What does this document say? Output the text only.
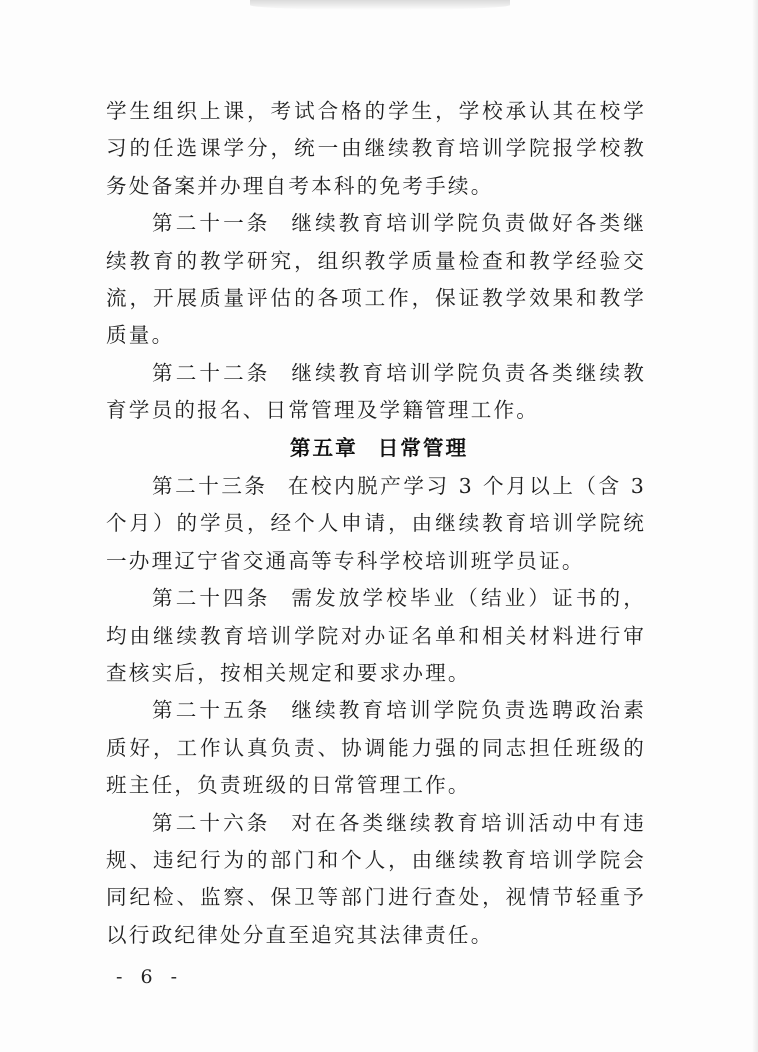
学生组织上课，考试合格的学生，学校承认其在校学习的任选课学分，统一由继续教育培训学院报学校教务处备案并办理自考本科的免考手续。

第二十一条 继续教育培训学院负责做好各类继续教育的教学研究，组织教学质量检查和教学经验交流，开展质量评估的各项工作，保证教学效果和教学质量。

第二十二条 继续教育培训学院负责各类继续教育学员的报名、日常管理及学籍管理工作。

第五章 日常管理

第二十三条 在校内脱产学习 3 个月以上（含 3 个月）的学员，经个人申请，由继续教育培训学院统一办理辽宁省交通高等专科学校培训班学员证。

第二十四条 需发放学校毕业（结业）证书的，均由继续教育培训学院对办证名单和相关材料进行审查核实后，按相关规定和要求办理。

第二十五条 继续教育培训学院负责选聘政治素质好，工作认真负责、协调能力强的同志担任班级的班主任，负责班级的日常管理工作。

第二十六条 对在各类继续教育培训活动中有违规、违纪行为的部门和个人，由继续教育培训学院会同纪检、监察、保卫等部门进行查处，视情节轻重予以行政纪律处分直至追究其法律责任。

- 6 -
